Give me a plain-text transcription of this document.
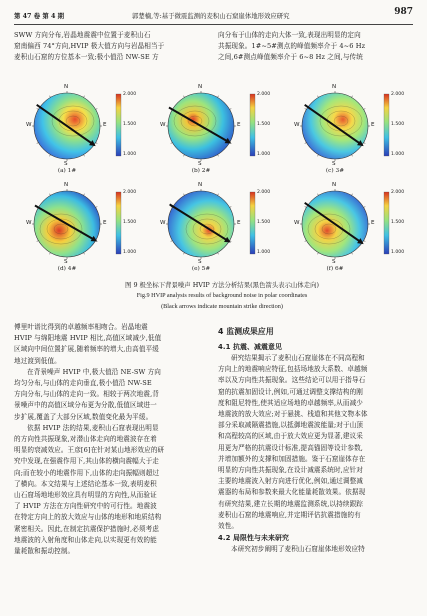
第 47 卷 第 4 期	郭楚楠,等:基于微震监测的麦积山石窟崖体地形效应研究	987

SWW 方向分布,岩晶地震震中位置于麦积山石

窟南偏西 74°方向,HVIP 极大值方向与岩晶相当于

麦积山石窟的方位基本一致;极小值沿 NW-SE 方

向分布于山体的走向大体一致,表现出明显的定向

共振现象。1#~5#测点的峰值频率介于 4~6 Hz

之间,6#测点峰值频率介于 6~8 Hz 之间,与传统

图 9 极坐标下背景噪声 HVIP 方法分析结果(黑色箭头表示山体走向)
Fig.9 HVIP analysis results of background noise in polar coordinates
(Black arrows indicate mountain strike direction)
N
S
W	E
2.000
1.500
1.000
(a) 1#
N
S
W	E
2.000
1.500
1.000
(b) 2#
N
S
W	E
2.000
1.500
1.000
(c) 3#
N
S
W	E
2.000
1.500
1.000
(d) 4#
N
S
W	E
2.000
1.500
1.000
(e) 5#
N
S
W	E
2.000
1.500
1.000
(f) 6#

傅里叶谱比得到的卓越频率相吻合。岩晶地震

HVIP 与绵阳地震 HVIP 相比,高值区域减少,低值

区域向中间位置扩展,随着频率的增大,由高值平缓

地过渡到低值。

在背景噪声 HVIP 中,极大值沿 NE-SW 方向

均匀分布,与山体的走向垂直,极小值沿 NW-SE

方向分布,与山体的走向一致。相较于两次地震,背

景噪声中的高值区域分布更为分散,低值区域进一

步扩展,覆盖了大部分区域,数值变化最为平缓。

依据 HVIP 法的结果,麦积山石窟表现出明显

的方向性共振现象,对潜山体走向的地震波存在着

明显的衰减效应。王彦[6]在针对某山地形效应的研

究中发现,在强震作用下,其山体的横向震幅大于走

向;而在较小的地震作用下,山体的走向振幅则超过

了横向。本文结果与上述结论基本一致,表明麦积

山石窟场地地形效应具有明显的方向性,从而验证

了 HVIP 方法在方向性研究中的可行性。地震波

在特定方向上的放大效应与山体的地形和地质结构

紧密相关。因此,在制定抗震保护措施时,必须考虑

地震波的入射角度和山体走向,以实现更有效的能

量耗散和振动控制。

4 监测成果应用
4.1 抗震、减震意见

研究结果揭示了麦积山石窟崖体在不同高程和

方向上的地震响应特征,包括场地放大系数、卓越频

率以及方向性共振现象。这些结论可以用于指导石

窟的抗震加固设计,例如,可通过调整支撑结构的刚

度和阻尼特性,使其适应场地的卓越频率,从而减少

地震波的放大效应;对于悬挑、栈道和其他文物本体

部分采取减隔震措施,以抵御地震波能量;对于山顶

和高程较高的区域,由于放大效应更为显著,建议采

用更为严格的抗震设计标准,提高锚固等设计参数,

并增加额外的支撑和加固措施。鉴于石窟崖体存在

明显的方向性共振现象,在设计减震系统时,应针对

主要的地震波入射方向进行优化,例如,通过调整减

震器的布局和参数来最大化能量耗散效果。依据现

有研究结果,建立长期的地震监测系统,以持续跟踪

麦积山石窟的地震响应,并定期评估抗震措施的有

效性。

4.2 局限性与未来研究

本研究初步阐明了麦积山石窟崖体地形效应特
